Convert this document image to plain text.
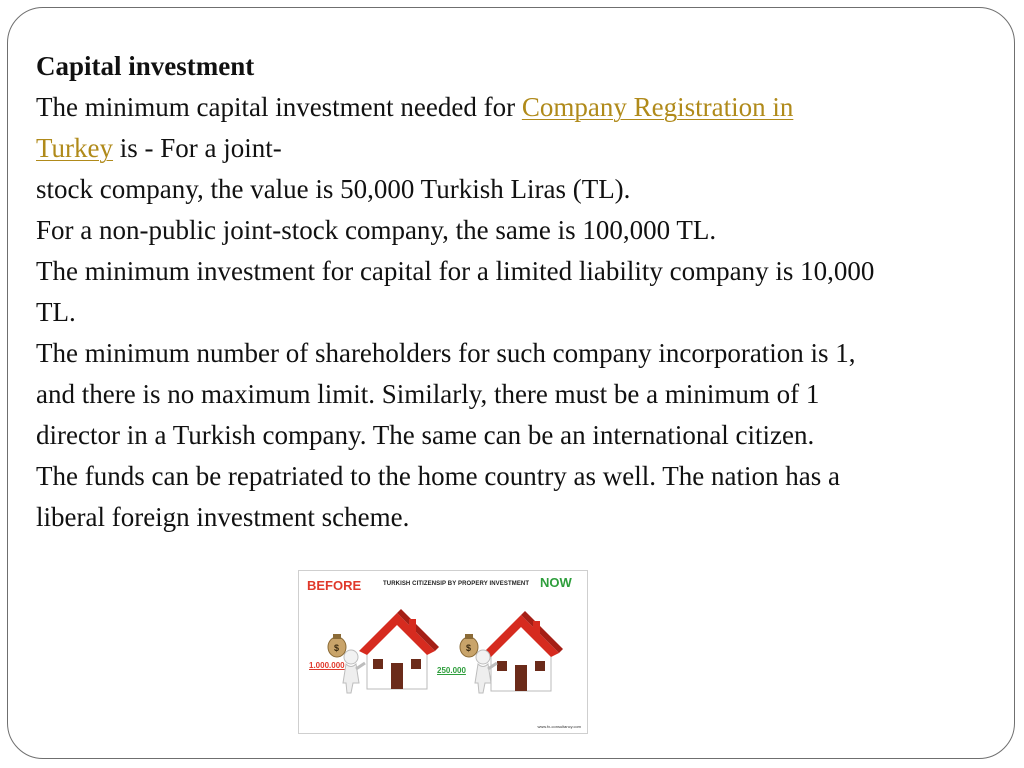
Capital investment

The minimum capital investment needed for Company Registration in
Turkey is - For a joint-

stock company, the value is 50,000 Turkish Liras (TL).

For a non-public joint-stock company, the same is 100,000 TL.

The minimum investment for capital for a limited liability company is 10,000

TL.

The minimum number of shareholders for such company incorporation is 1,

and there is no maximum limit. Similarly, there must be a minimum of 1

director in a Turkish company. The same can be an international citizen.

The funds can be repatriated to the home country as well. The nation has a

liberal foreign investment scheme.

$	$
BEFORE	TURKISH CITIZENSIP BY PROPERY INVESTMENT NOW
1.000.000
250.000
www.fx-consultancy.com
